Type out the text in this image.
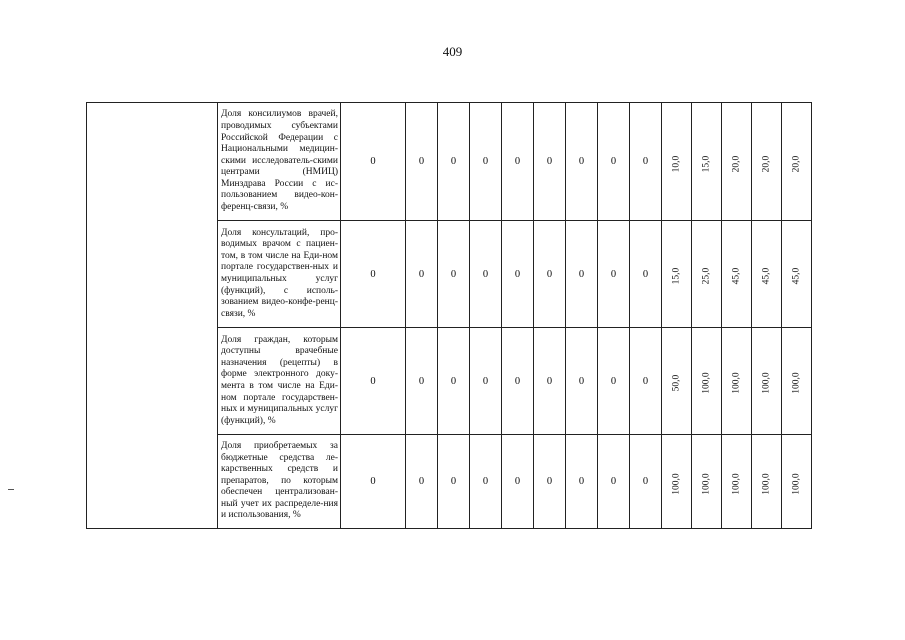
409

	Доля консилиумов врачей, проводимых субъектами Российской Федерации с Национальными медицин-скими исследователь-скими центрами (НМИЦ) Минздрава России с ис-пользованием видео-кон-ференц-связи, %	0	0	0	0	0	0	0	0	0	10,0	15,0	20,0	20,0	20,0

	Доля консультаций, про-водимых врачом с пациен-том, в том числе на Еди-ном портале государствен-ных и муниципальных услуг (функций), с исполь-зованием видео-конфе-ренц-связи, %	0	0	0	0	0	0	0	0	0	15,0	25,0	45,0	45,0	45,0

	Доля граждан, которым доступны врачебные назначения (рецепты) в форме электронного доку-мента в том числе на Еди-ном портале государствен-ных и муниципальных услуг (функций), %	0	0	0	0	0	0	0	0	0	50,0	100,0	100,0	100,0	100,0

	Доля приобретаемых за бюджетные средства ле-карственных средств и препаратов, по которым обеспечен централизован-ный учет их распределе-ния и использования, %	0	0	0	0	0	0	0	0	0	100,0	100,0	100,0	100,0	100,0
